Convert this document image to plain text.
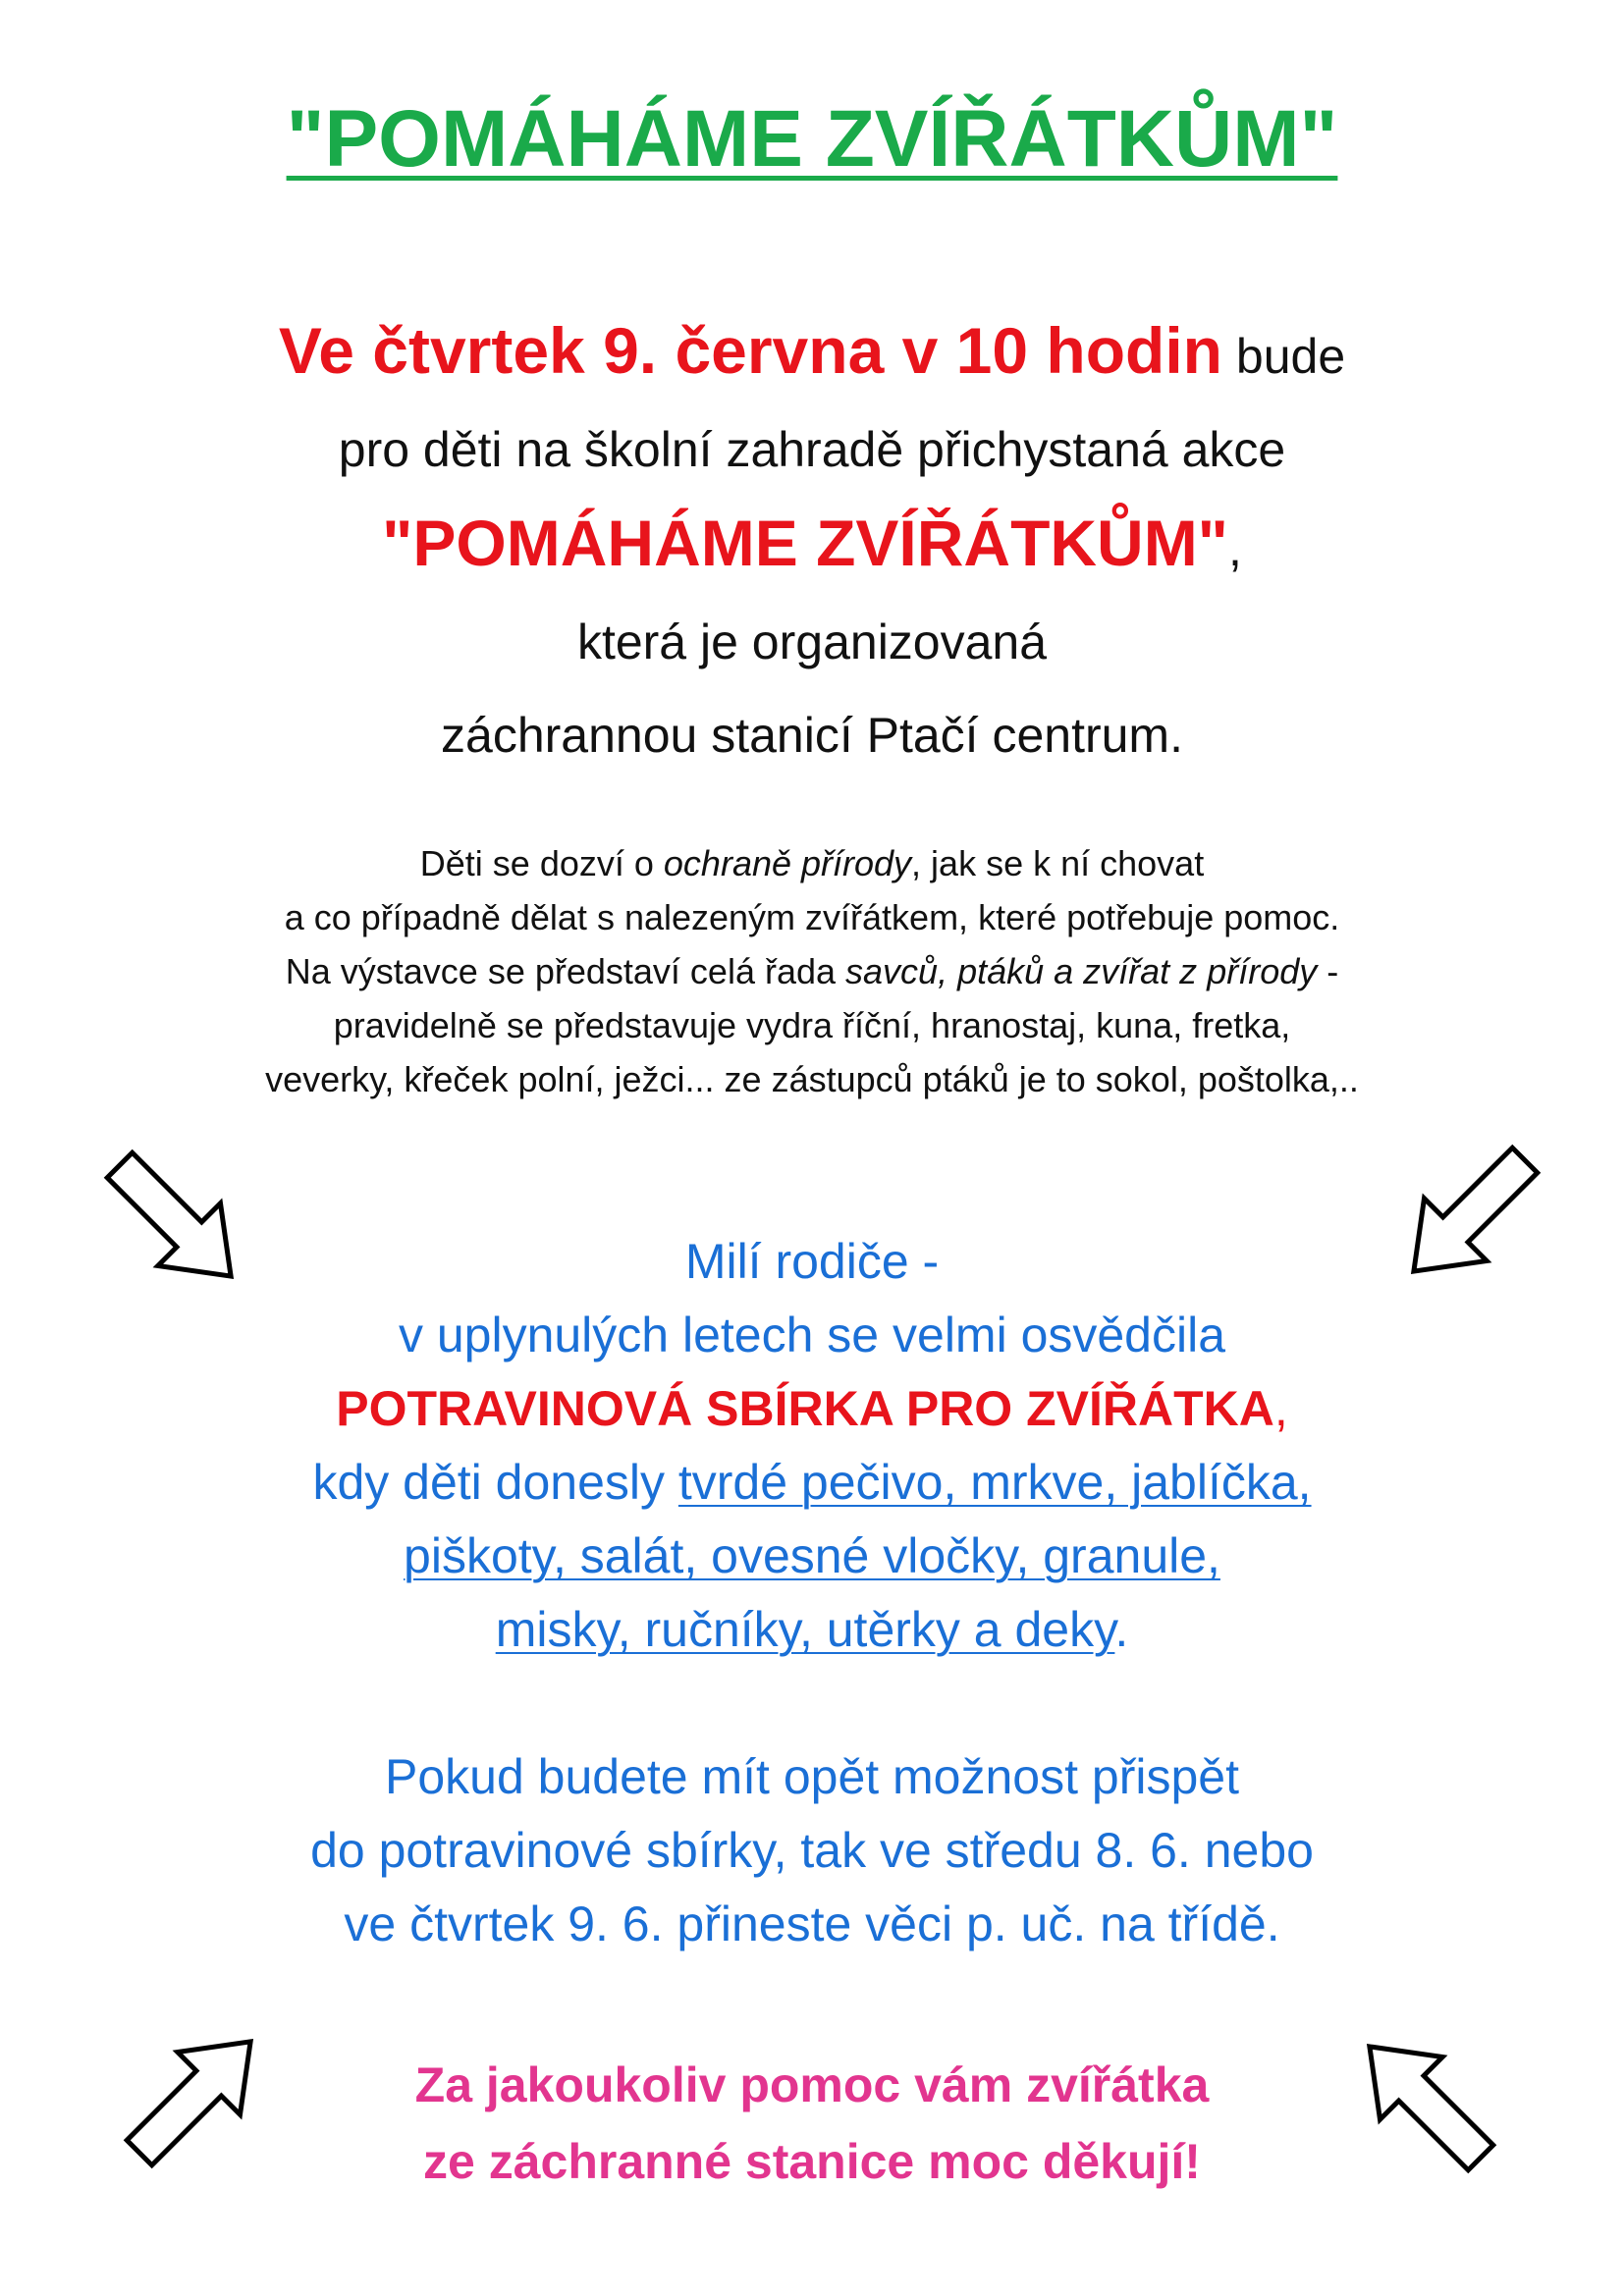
"POMÁHÁME ZVÍŘÁTKŮM"
Ve čtvrtek 9. června v 10 hodin bude
pro děti na školní zahradě přichystaná akce
"POMÁHÁME ZVÍŘÁTKŮM",
která je organizovaná
záchrannou stanicí Ptačí centrum.
Děti se dozví o ochraně přírody, jak se k ní chovat
a co případně dělat s nalezeným zvířátkem, které potřebuje pomoc.
Na výstavce se představí celá řada savců, ptáků a zvířat z přírody -
pravidelně se představuje vydra říční, hranostaj, kuna, fretka,
veverky, křeček polní, ježci... ze zástupců ptáků je to sokol, poštolka,..
Milí rodiče -
v uplynulých letech se velmi osvědčila
POTRAVINOVÁ SBÍRKA PRO ZVÍŘÁTKA,
kdy děti donesly tvrdé pečivo, mrkve, jablíčka,
piškoty, salát, ovesné vločky, granule,
misky, ručníky, utěrky a deky.

Pokud budete mít opět možnost přispět
do potravinové sbírky, tak ve středu 8. 6. nebo
ve čtvrtek 9. 6. přineste věci p. uč. na třídě.
Za jakoukoliv pomoc vám zvířátka
ze záchranné stanice moc děkují!
